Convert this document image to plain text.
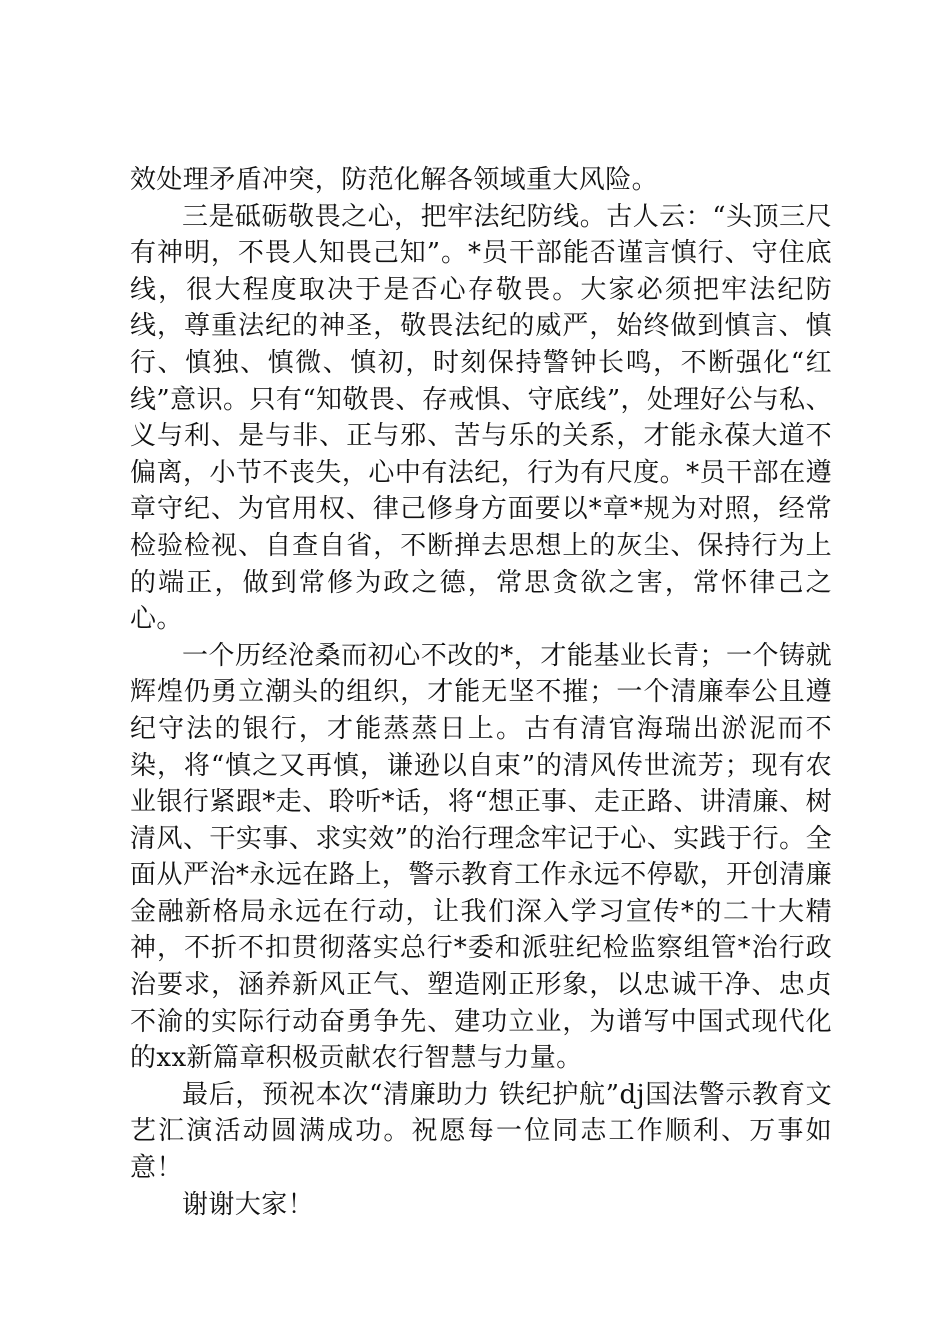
效处理矛盾冲突，防范化解各领域重大风险。

三是砥砺敬畏之心，把牢法纪防线。古人云：“头顶三尺有神明，不畏人知畏己知”。*员干部能否谨言慎行、守住底线，很大程度取决于是否心存敬畏。大家必须把牢法纪防线，尊重法纪的神圣，敬畏法纪的威严，始终做到慎言、慎行、慎独、慎微、慎初，时刻保持警钟长鸣，不断强化“红线”意识。只有“知敬畏、存戒惧、守底线”，处理好公与私、义与利、是与非、正与邪、苦与乐的关系，才能永葆大道不偏离，小节不丧失，心中有法纪，行为有尺度。*员干部在遵章守纪、为官用权、律己修身方面要以*章*规为对照，经常检验检视、自查自省，不断掸去思想上的灰尘、保持行为上的端正，做到常修为政之德，常思贪欲之害，常怀律己之心。

一个历经沧桑而初心不改的*，才能基业长青；一个铸就辉煌仍勇立潮头的组织，才能无坚不摧；一个清廉奉公且遵纪守法的银行，才能蒸蒸日上。古有清官海瑞出淤泥而不染，将“慎之又再慎，谦逊以自束”的清风传世流芳；现有农业银行紧跟*走、聆听*话，将“想正事、走正路、讲清廉、树清风、干实事、求实效”的治行理念牢记于心、实践于行。全面从严治*永远在路上，警示教育工作永远不停歇，开创清廉金融新格局永远在行动，让我们深入学习宣传*的二十大精神，不折不扣贯彻落实总行*委和派驻纪检监察组管*治行政治要求，涵养新风正气、塑造刚正形象，以忠诚干净、忠贞不渝的实际行动奋勇争先、建功立业，为谱写中国式现代化的xx新篇章积极贡献农行智慧与力量。

最后，预祝本次“清廉助力 铁纪护航”dj国法警示教育文艺汇演活动圆满成功。祝愿每一位同志工作顺利、万事如意！

谢谢大家！
